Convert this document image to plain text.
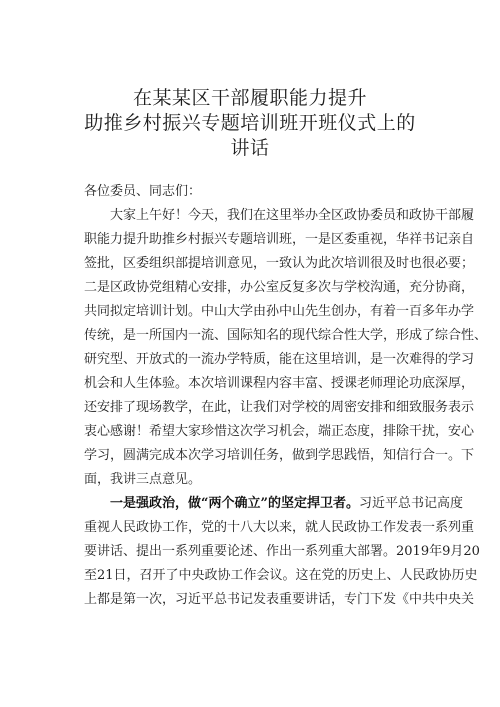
在某某区干部履职能力提升
助推乡村振兴专题培训班开班仪式上的
讲话
各位委员、同志们：
大家上午好！今天，我们在这里举办全区政协委员和政协干部履
职能力提升助推乡村振兴专题培训班，一是区委重视，华祥书记亲自
签批，区委组织部提培训意见，一致认为此次培训很及时也很必要；
二是区政协党组精心安排，办公室反复多次与学校沟通，充分协商，
共同拟定培训计划。中山大学由孙中山先生创办，有着一百多年办学
传统，是一所国内一流、国际知名的现代综合性大学，形成了综合性、
研究型、开放式的一流办学特质，能在这里培训，是一次难得的学习
机会和人生体验。本次培训课程内容丰富、授课老师理论功底深厚，
还安排了现场教学，在此，让我们对学校的周密安排和细致服务表示
衷心感谢！希望大家珍惜这次学习机会，端正态度，排除干扰，安心
学习，圆满完成本次学习培训任务，做到学思践悟，知信行合一。下
面，我讲三点意见。
一是强政治，做“两个确立”的坚定捍卫者。习近平总书记高度
重视人民政协工作，党的十八大以来，就人民政协工作发表一系列重
要讲话、提出一系列重要论述、作出一系列重大部署。2019年9月20
至21日，召开了中央政协工作会议。这在党的历史上、人民政协历史
上都是第一次，习近平总书记发表重要讲话，专门下发《中共中央关
